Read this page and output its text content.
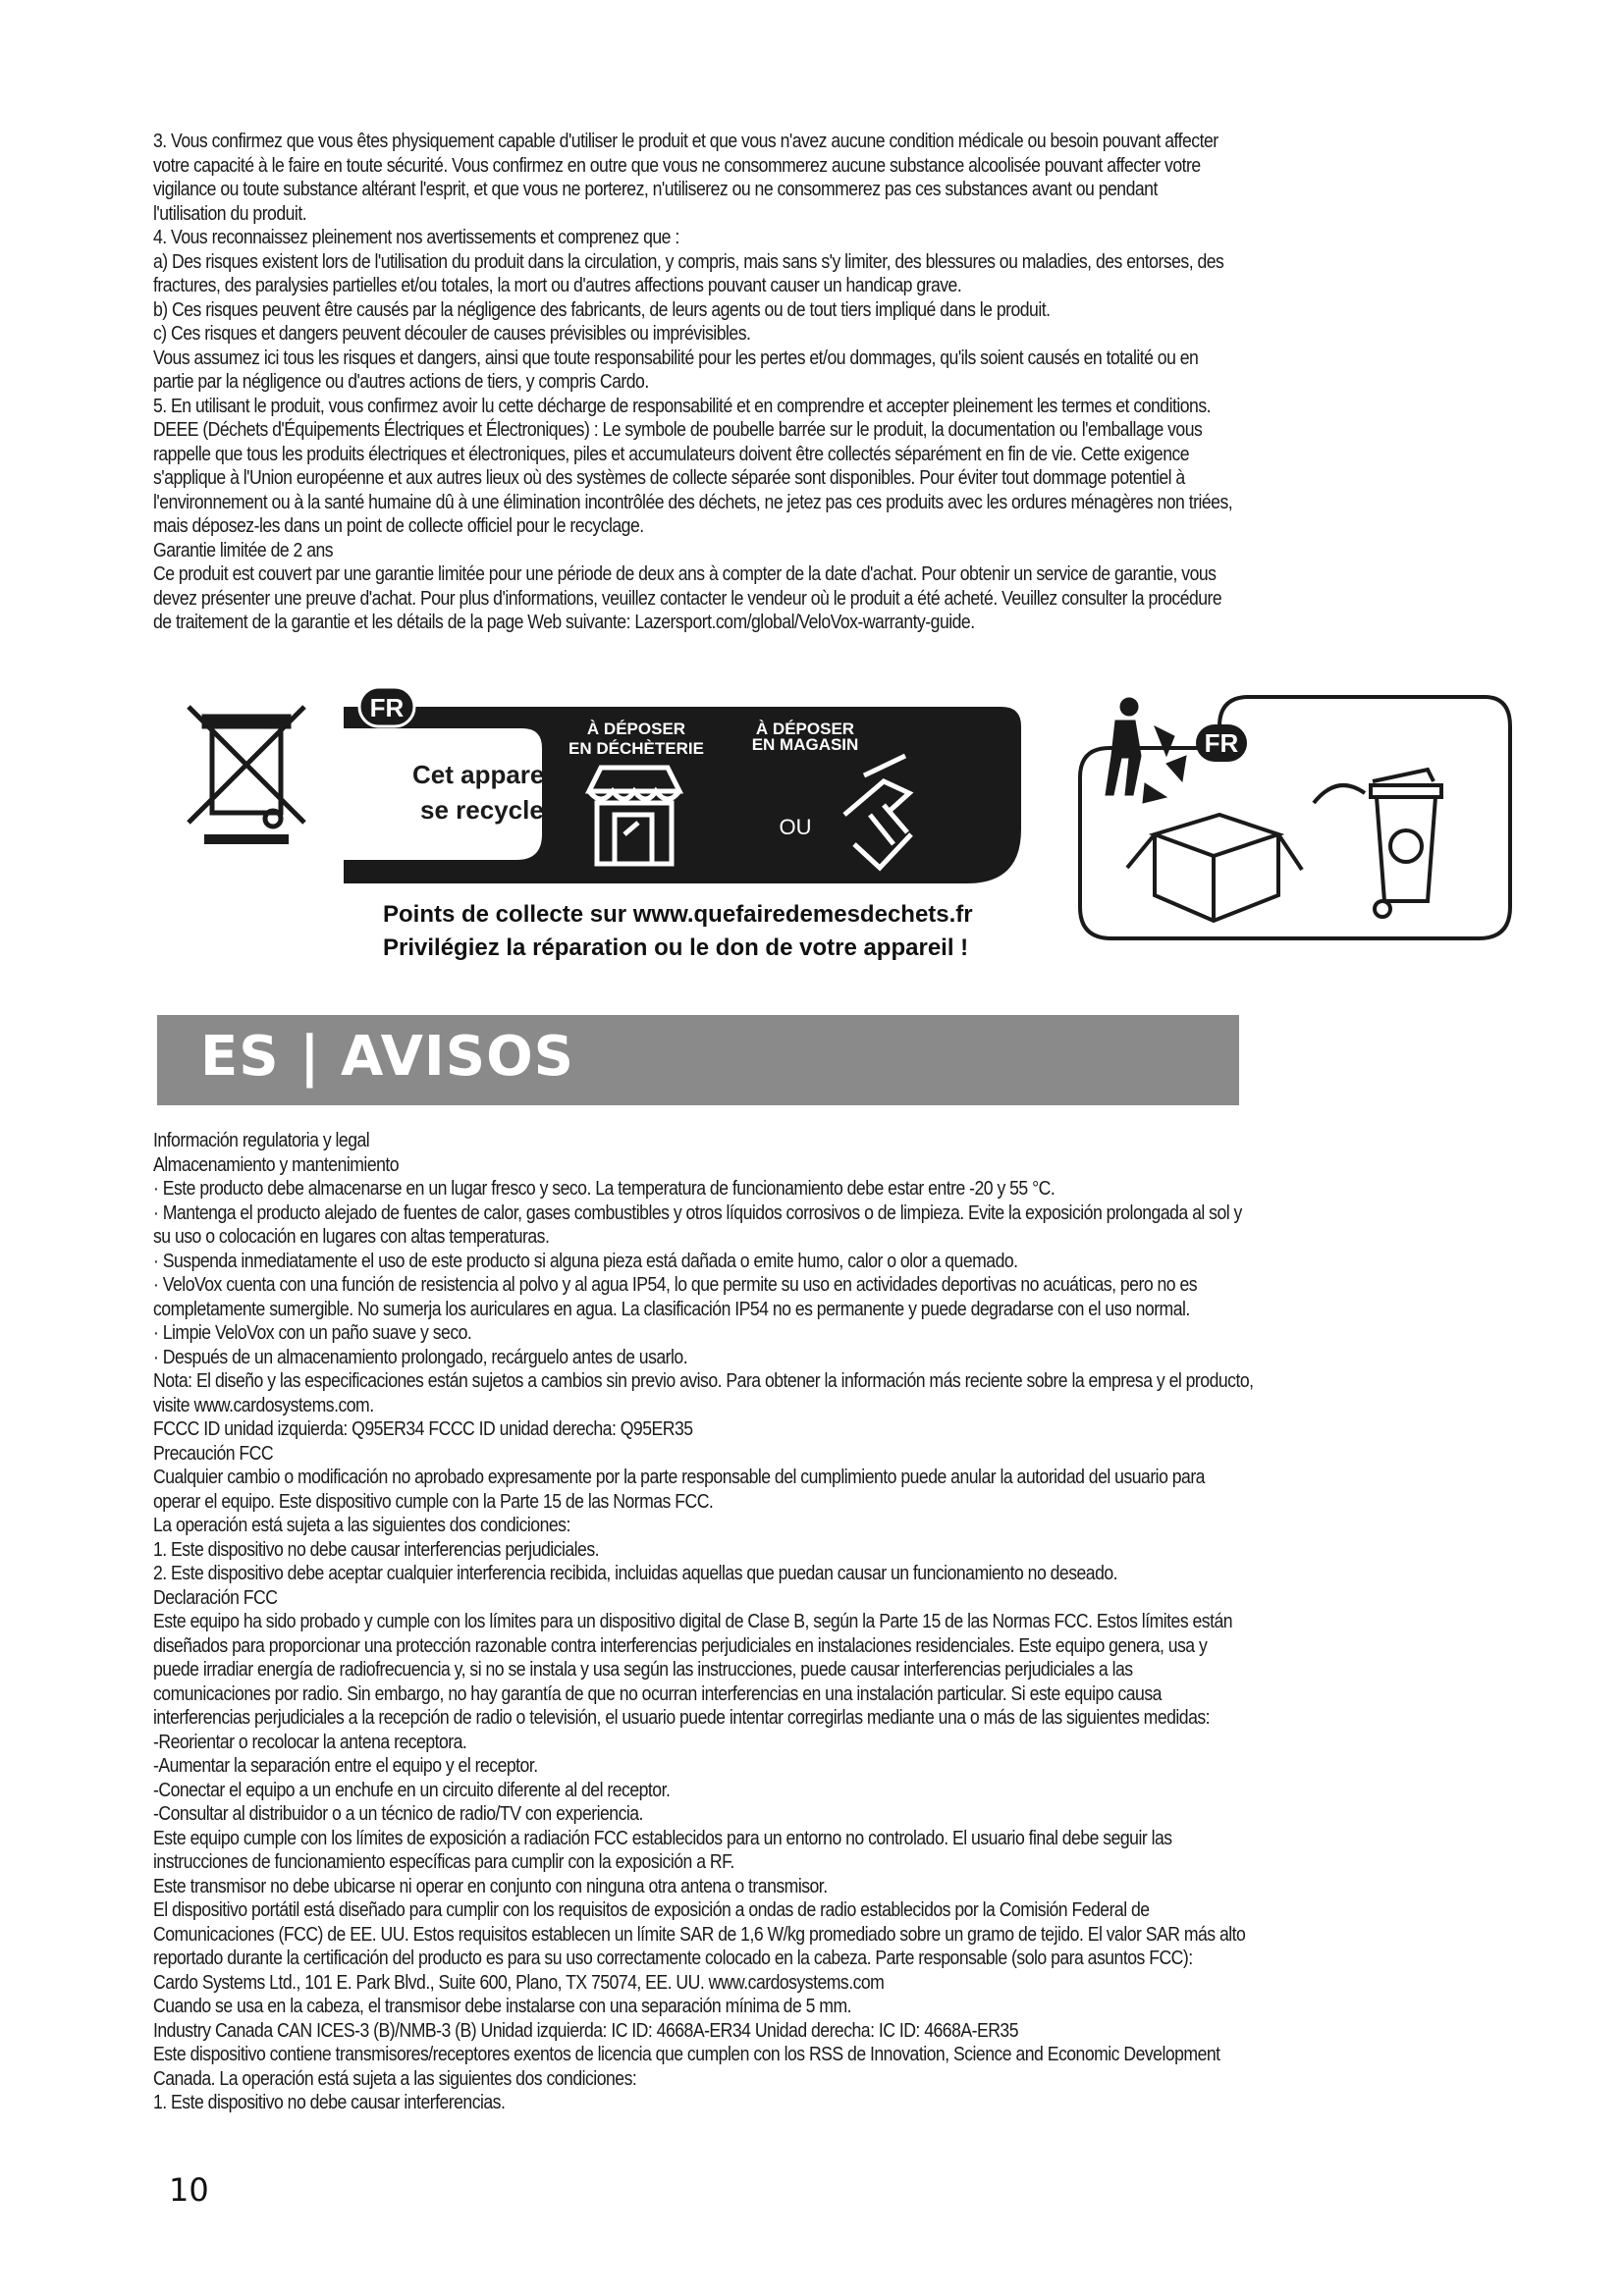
3. Vous confirmez que vous êtes physiquement capable d'utiliser le produit et que vous n'avez aucune condition médicale ou besoin pouvant affecter

votre capacité à le faire en toute sécurité. Vous confirmez en outre que vous ne consommerez aucune substance alcoolisée pouvant affecter votre

vigilance ou toute substance altérant l'esprit, et que vous ne porterez, n'utiliserez ou ne consommerez pas ces substances avant ou pendant

l'utilisation du produit.

4. Vous reconnaissez pleinement nos avertissements et comprenez que :

a) Des risques existent lors de l'utilisation du produit dans la circulation, y compris, mais sans s'y limiter, des blessures ou maladies, des entorses, des

fractures, des paralysies partielles et/ou totales, la mort ou d'autres affections pouvant causer un handicap grave.

b) Ces risques peuvent être causés par la négligence des fabricants, de leurs agents ou de tout tiers impliqué dans le produit.

c) Ces risques et dangers peuvent découler de causes prévisibles ou imprévisibles.

Vous assumez ici tous les risques et dangers, ainsi que toute responsabilité pour les pertes et/ou dommages, qu'ils soient causés en totalité ou en

partie par la négligence ou d'autres actions de tiers, y compris Cardo.

5. En utilisant le produit, vous confirmez avoir lu cette décharge de responsabilité et en comprendre et accepter pleinement les termes et conditions.

DEEE (Déchets d'Équipements Électriques et Électroniques) : Le symbole de poubelle barrée sur le produit, la documentation ou l'emballage vous

rappelle que tous les produits électriques et électroniques, piles et accumulateurs doivent être collectés séparément en fin de vie. Cette exigence

s'applique à l'Union européenne et aux autres lieux où des systèmes de collecte séparée sont disponibles. Pour éviter tout dommage potentiel à

l'environnement ou à la santé humaine dû à une élimination incontrôlée des déchets, ne jetez pas ces produits avec les ordures ménagères non triées,

mais déposez-les dans un point de collecte officiel pour le recyclage.

Garantie limitée de 2 ans

Ce produit est couvert par une garantie limitée pour une période de deux ans à compter de la date d'achat. Pour obtenir un service de garantie, vous

devez présenter une preuve d'achat. Pour plus d'informations, veuillez contacter le vendeur où le produit a été acheté. Veuillez consulter la procédure

de traitement de la garantie et les détails de la page Web suivante: Lazersport.com/global/VeloVox-warranty-guide.

FR
Cet appareil
se recyclent
À DÉPOSER
EN DÉCHÈTERIE
À DÉPOSER
EN MAGASIN
OU
Points de collecte sur www.quefairedemesdechets.fr
Privilégiez la réparation ou le don de votre appareil !
FR
ES | AVISOS

Información regulatoria y legal

Almacenamiento y mantenimiento

· Este producto debe almacenarse en un lugar fresco y seco. La temperatura de funcionamiento debe estar entre -20 y 55 °C.

· Mantenga el producto alejado de fuentes de calor, gases combustibles y otros líquidos corrosivos o de limpieza. Evite la exposición prolongada al sol y

su uso o colocación en lugares con altas temperaturas.

· Suspenda inmediatamente el uso de este producto si alguna pieza está dañada o emite humo, calor o olor a quemado.

· VeloVox cuenta con una función de resistencia al polvo y al agua IP54, lo que permite su uso en actividades deportivas no acuáticas, pero no es

completamente sumergible. No sumerja los auriculares en agua. La clasificación IP54 no es permanente y puede degradarse con el uso normal.

· Limpie VeloVox con un paño suave y seco.

· Después de un almacenamiento prolongado, recárguelo antes de usarlo.

Nota: El diseño y las especificaciones están sujetos a cambios sin previo aviso. Para obtener la información más reciente sobre la empresa y el producto,

visite www.cardosystems.com.

FCCC ID unidad izquierda: Q95ER34 FCCC ID unidad derecha: Q95ER35

Precaución FCC

Cualquier cambio o modificación no aprobado expresamente por la parte responsable del cumplimiento puede anular la autoridad del usuario para

operar el equipo. Este dispositivo cumple con la Parte 15 de las Normas FCC.

La operación está sujeta a las siguientes dos condiciones:

1. Este dispositivo no debe causar interferencias perjudiciales.

2. Este dispositivo debe aceptar cualquier interferencia recibida, incluidas aquellas que puedan causar un funcionamiento no deseado.

Declaración FCC

Este equipo ha sido probado y cumple con los límites para un dispositivo digital de Clase B, según la Parte 15 de las Normas FCC. Estos límites están

diseñados para proporcionar una protección razonable contra interferencias perjudiciales en instalaciones residenciales. Este equipo genera, usa y

puede irradiar energía de radiofrecuencia y, si no se instala y usa según las instrucciones, puede causar interferencias perjudiciales a las

comunicaciones por radio. Sin embargo, no hay garantía de que no ocurran interferencias en una instalación particular. Si este equipo causa

interferencias perjudiciales a la recepción de radio o televisión, el usuario puede intentar corregirlas mediante una o más de las siguientes medidas:

-Reorientar o recolocar la antena receptora.

-Aumentar la separación entre el equipo y el receptor.

-Conectar el equipo a un enchufe en un circuito diferente al del receptor.

-Consultar al distribuidor o a un técnico de radio/TV con experiencia.

Este equipo cumple con los límites de exposición a radiación FCC establecidos para un entorno no controlado. El usuario final debe seguir las

instrucciones de funcionamiento específicas para cumplir con la exposición a RF.

Este transmisor no debe ubicarse ni operar en conjunto con ninguna otra antena o transmisor.

El dispositivo portátil está diseñado para cumplir con los requisitos de exposición a ondas de radio establecidos por la Comisión Federal de

Comunicaciones (FCC) de EE. UU. Estos requisitos establecen un límite SAR de 1,6 W/kg promediado sobre un gramo de tejido. El valor SAR más alto

reportado durante la certificación del producto es para su uso correctamente colocado en la cabeza. Parte responsable (solo para asuntos FCC):

Cardo Systems Ltd., 101 E. Park Blvd., Suite 600, Plano, TX 75074, EE. UU. www.cardosystems.com

Cuando se usa en la cabeza, el transmisor debe instalarse con una separación mínima de 5 mm.

Industry Canada CAN ICES-3 (B)/NMB-3 (B) Unidad izquierda: IC ID: 4668A-ER34 Unidad derecha: IC ID: 4668A-ER35

Este dispositivo contiene transmisores/receptores exentos de licencia que cumplen con los RSS de Innovation, Science and Economic Development

Canada. La operación está sujeta a las siguientes dos condiciones:

1. Este dispositivo no debe causar interferencias.

10
